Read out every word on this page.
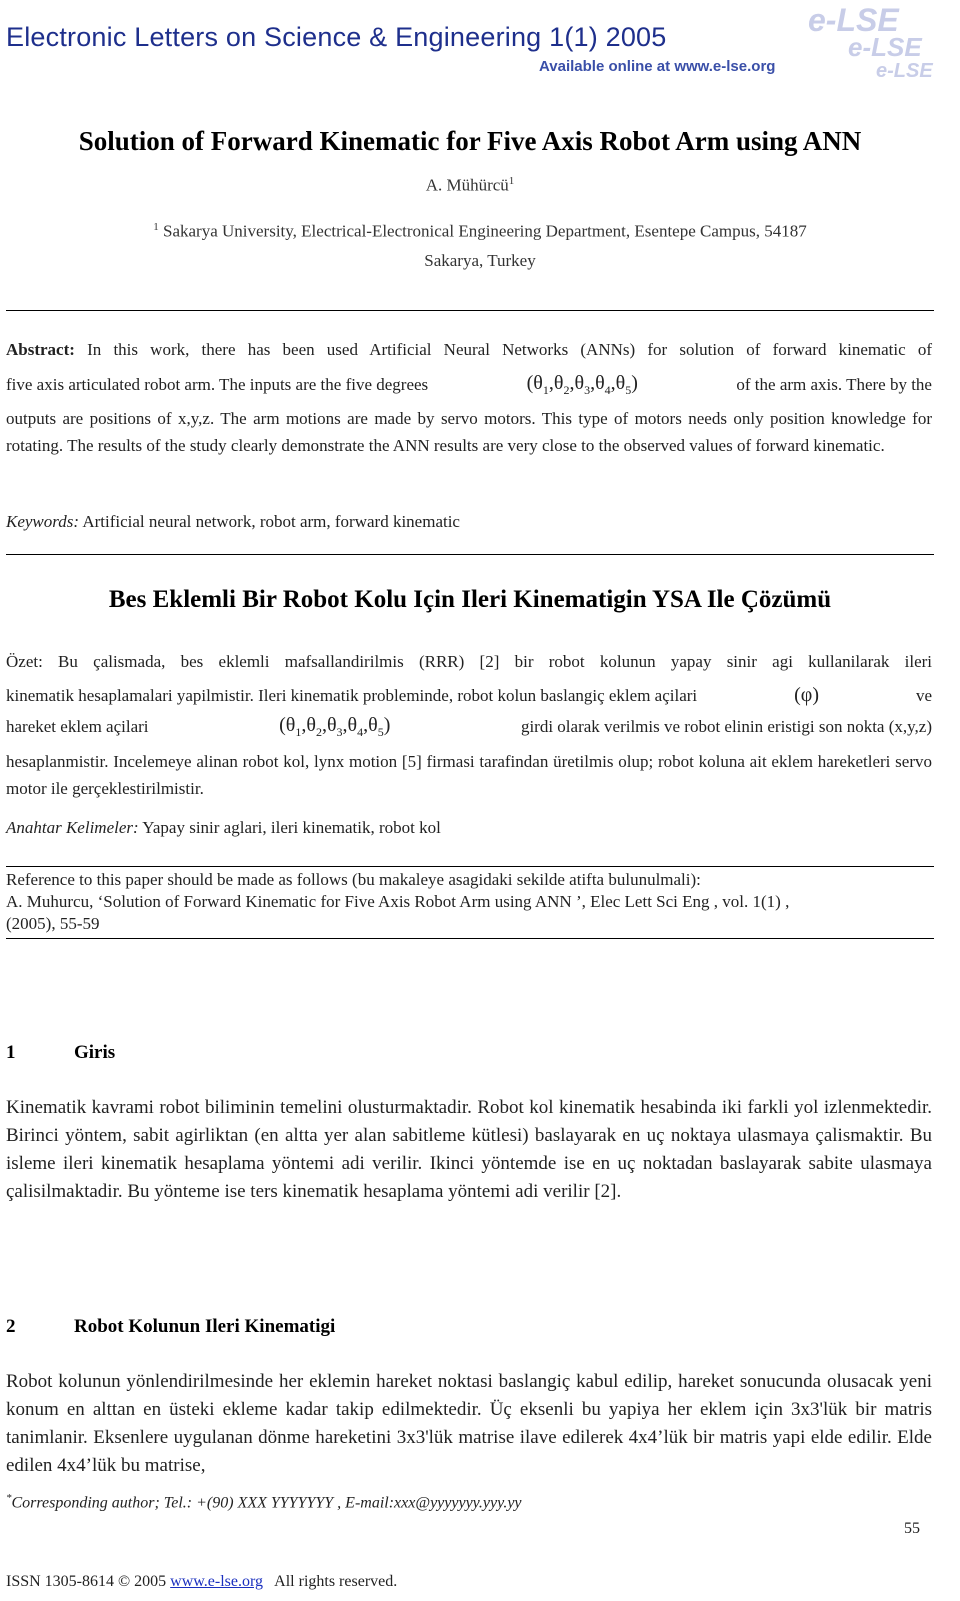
Electronic Letters on Science & Engineering 1(1) 2005
Available online at www.e-lse.org
e-LSE
e-LSE
e-LSE
Solution of Forward Kinematic for Five Axis Robot Arm using ANN
A. Mühürcü$^1$
$^1$ Sakarya University, Electrical-Electronical Engineering Department, Esentepe Campus, 54187
Sakarya, Turkey
Abstract: In this work, there has been used Artificial Neural Networks (ANNs) for solution of forward kinematic of
five axis articulated robot arm. The inputs are the five degrees	$(\theta_1,\theta_2,\theta_3,\theta_4,\theta_5)$	of the arm axis. There by the
outputs are positions of x,y,z. The arm motions are made by servo motors. This type of motors needs only position knowledge for rotating. The results of the study clearly demonstrate the ANN results are very close to the observed values of forward kinematic.
Keywords: Artificial neural network, robot arm, forward kinematic
Bes Eklemli Bir Robot Kolu Için Ileri Kinematigin YSA Ile Çözümü
Özet: Bu çalismada, bes eklemli mafsallandirilmis (RRR) [2] bir robot kolunun yapay sinir agi kullanilarak ileri
kinematik hesaplamalari yapilmistir. Ileri kinematik probleminde, robot kolun baslangiç eklem açilari	(φ)	ve
hareket eklem açilari	$(\theta_1,\theta_2,\theta_3,\theta_4,\theta_5)$	girdi olarak verilmis ve robot elinin eristigi son nokta (x,y,z)
hesaplanmistir. Incelemeye alinan robot kol, lynx motion [5] firmasi tarafindan üretilmis olup; robot koluna ait eklem hareketleri servo motor ile gerçeklestirilmistir.
Anahtar Kelimeler: Yapay sinir aglari, ileri kinematik, robot kol
Reference to this paper should be made as follows (bu makaleye asagidaki sekilde atifta bulunulmali):
A. Muhurcu, ‘Solution of Forward Kinematic for Five Axis Robot Arm using ANN ’, Elec Lett Sci Eng , vol. 1(1) ,
(2005), 55-59
1	Giris
Kinematik kavrami robot biliminin temelini olusturmaktadir. Robot kol kinematik hesabinda iki farkli yol izlenmektedir. Birinci yöntem, sabit agirliktan (en altta yer alan sabitleme kütlesi) baslayarak en uç noktaya ulasmaya çalismaktir. Bu isleme ileri kinematik hesaplama yöntemi adi verilir. Ikinci yöntemde ise en uç noktadan baslayarak sabite ulasmaya çalisilmaktadir. Bu yönteme ise ters kinematik hesaplama yöntemi adi verilir [2].
2	Robot Kolunun Ileri Kinematigi
Robot kolunun yönlendirilmesinde her eklemin hareket noktasi baslangiç kabul edilip, hareket sonucunda olusacak yeni konum en alttan en üsteki ekleme kadar takip edilmektedir. Üç eksenli bu yapiya her eklem için 3x3'lük bir matris tanimlanir. Eksenlere uygulanan dönme hareketini 3x3'lük matrise ilave edilerek 4x4’lük bir matris yapi elde edilir. Elde edilen 4x4’lük bu matrise,
*Corresponding author; Tel.: +(90) XXX YYYYYYY , E-mail:xxx@yyyyyyy.yyy.yy
55
ISSN 1305-8614 © 2005 www.e-lse.org   All rights reserved.
